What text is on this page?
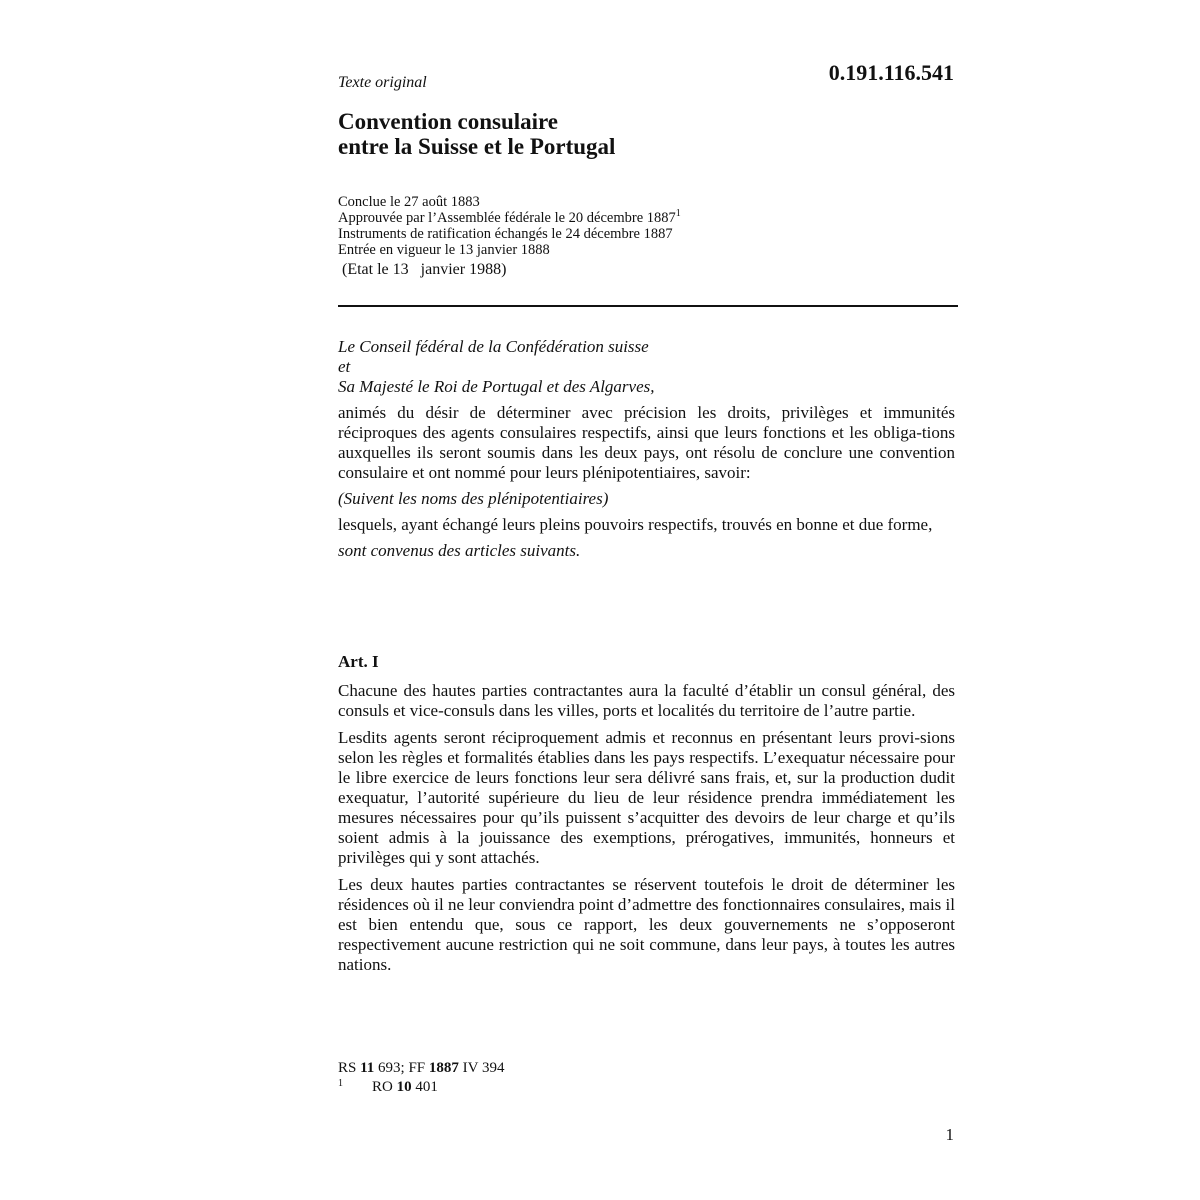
Texte original	0.191.116.541
Convention consulaire
entre la Suisse et le Portugal
Conclue le 27 août 1883
Approuvée par l’Assemblée fédérale le 20 décembre 1887$^1$
Instruments de ratification échangés le 24 décembre 1887
Entrée en vigueur le 13 janvier 1888
(Etat le 13   janvier 1988)
Le Conseil fédéral de la Confédération suisse
et
Sa Majesté le Roi de Portugal et des Algarves,

animés du désir de déterminer avec précision les droits, privilèges et immunités réciproques des agents consulaires respectifs, ainsi que leurs fonctions et les obliga-tions auxquelles ils seront soumis dans les deux pays, ont résolu de conclure une convention consulaire et ont nommé pour leurs plénipotentiaires, savoir:

(Suivent les noms des plénipotentiaires)

lesquels, ayant échangé leurs pleins pouvoirs respectifs, trouvés en bonne et due forme,

sont convenus des articles suivants.

Art. I

Chacune des hautes parties contractantes aura la faculté d’établir un consul général, des consuls et vice-consuls dans les villes, ports et localités du territoire de l’autre partie.

Lesdits agents seront réciproquement admis et reconnus en présentant leurs provi-sions selon les règles et formalités établies dans les pays respectifs. L’exequatur nécessaire pour le libre exercice de leurs fonctions leur sera délivré sans frais, et, sur la production dudit exequatur, l’autorité supérieure du lieu de leur résidence prendra immédiatement les mesures nécessaires pour qu’ils puissent s’acquitter des devoirs de leur charge et qu’ils soient admis à la jouissance des exemptions, prérogatives, immunités, honneurs et privilèges qui y sont attachés.

Les deux hautes parties contractantes se réservent toutefois le droit de déterminer les résidences où il ne leur conviendra point d’admettre des fonctionnaires consulaires, mais il est bien entendu que, sous ce rapport, les deux gouvernements ne s’opposeront respectivement aucune restriction qui ne soit commune, dans leur pays, à toutes les autres nations.

RS 11 693; FF 1887 IV 394
1 RO 10 401
1
